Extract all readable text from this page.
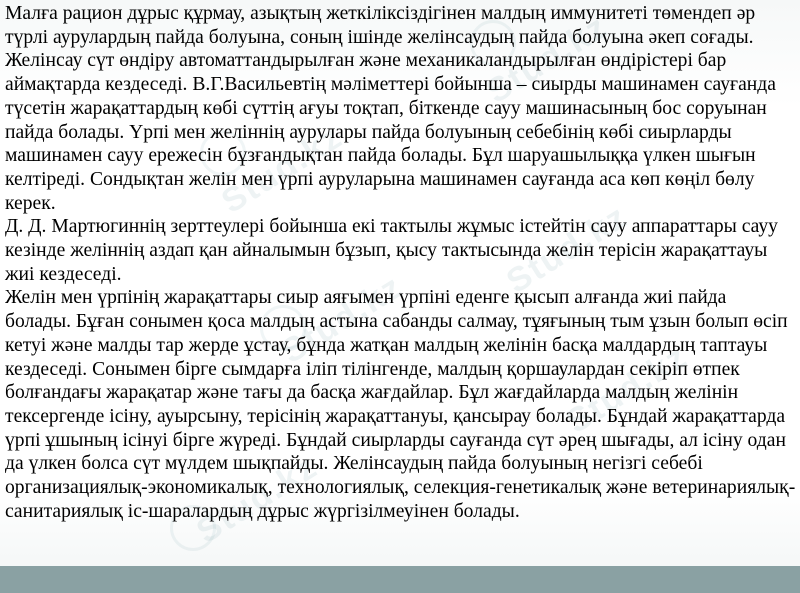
Stud.kz
Stud.kz
Stud.kz
Stud.kz
Stud.kz
Stud.kz

Малға рацион дұрыс құрмау, азықтың жеткіліксіздігінен малдың иммунитеті төмендеп әр түрлі аурулардың пайда болуына, соның ішінде желінсаудың пайда болуына әкеп соғады. Желінсау сүт өндіру автоматтандырылған және механикаландырылған өндірістері бар аймақтарда кездеседі. В.Г.Васильевтің мәліметтері бойынша – сиырды машинамен сауғанда түсетін жарақаттардың көбі сүттің ағуы тоқтап, біткенде сауу машинасының бос соруынан пайда болады. Үрпі мен желіннің аурулары пайда болуының себебінің көбі сиырларды машинамен сауу ережесін бұзғандықтан пайда болады. Бұл шаруашылыққа үлкен шығын келтіреді. Сондықтан желін мен үрпі ауруларына машинамен сауғанда аса көп көңіл бөлу керек.

Д. Д. Мартюгиннің зерттеулері бойынша екі тактылы жұмыс істейтін сауу аппараттары сауу кезінде желіннің аздап қан айналымын бұзып, қысу тактысында желін терісін жарақаттауы жиі кездеседі.

Желін мен үрпінің жарақаттары сиыр аяғымен үрпіні еденге қысып алғанда жиі пайда болады. Бұған сонымен қоса малдың астына сабанды салмау, тұяғының тым ұзын болып өсіп кетуі және малды тар жерде ұстау, бұнда жатқан малдың желінін басқа малдардың таптауы кездеседі. Сонымен бірге сымдарға іліп тілінгенде, малдың қоршаулардан секіріп өтпек болғандағы жарақатар және тағы да басқа жағдайлар. Бұл жағдайларда малдың желінін тексергенде ісіну, ауырсыну, терісінің жарақаттануы, қансырау болады. Бұндай жарақаттарда үрпі ұшының ісінуі бірге жүреді. Бұндай сиырларды сауғанда сүт әрең шығады, ал ісіну одан да үлкен болса сүт мүлдем шықпайды. Желінсаудың пайда болуының негізгі себебі организациялық-экономикалық, технологиялық, селекция-генетикалық және ветеринариялық-санитариялық іс-шаралардың дұрыс жүргізілмеуінен болады.
